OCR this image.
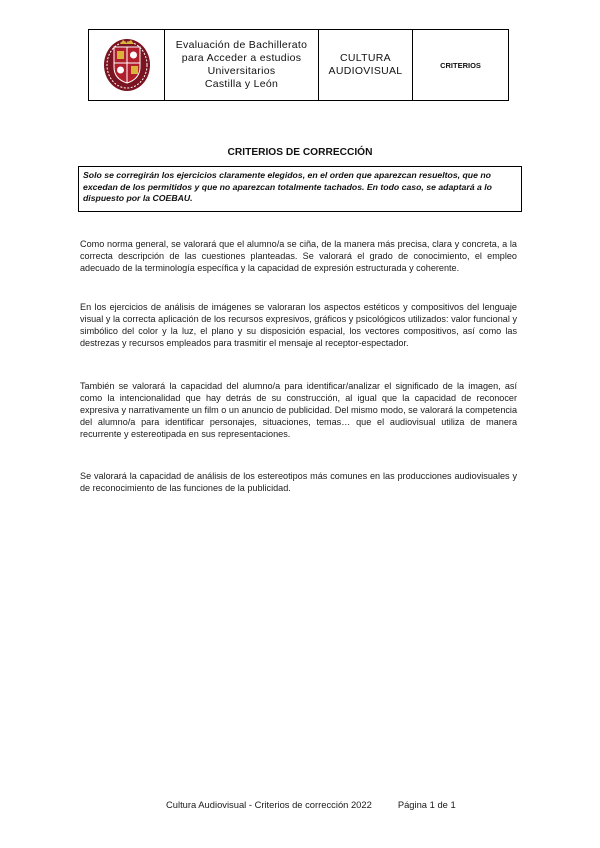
Evaluación de Bachillerato
para Acceder a estudios
Universitarios
Castilla y León

CULTURA
AUDIOVISUAL	CRITERIOS
CRITERIOS DE CORRECCIÓN
Solo se corregirán los ejercicios claramente elegidos, en el orden que aparezcan resueltos, que no excedan de los permitidos y que no aparezcan totalmente tachados. En todo caso, se adaptará a lo dispuesto por la COEBAU.

Como norma general, se valorará que el alumno/a se ciña, de la manera más precisa, clara y concreta, a la correcta descripción de las cuestiones planteadas. Se valorará el grado de conocimiento, el empleo adecuado de la terminología específica y la capacidad de expresión estructurada y coherente.

En los ejercicios de análisis de imágenes se valoraran los aspectos estéticos y compositivos del lenguaje visual y la correcta aplicación de los recursos expresivos, gráficos y psicológicos utilizados: valor funcional y simbólico del color y la luz, el plano y su disposición espacial, los vectores compositivos, así como las destrezas y recursos empleados para trasmitir el mensaje al receptor-espectador.

También se valorará la capacidad del alumno/a para identificar/analizar el significado de la imagen, así como la intencionalidad que hay detrás de su construcción, al igual que la capacidad de reconocer expresiva y narrativamente un film o un anuncio de publicidad. Del mismo modo, se valorará la competencia del alumno/a para identificar personajes, situaciones, temas… que el audiovisual utiliza de manera recurrente y estereotipada en sus representaciones.

Se valorará la capacidad de análisis de los estereotipos más comunes en las producciones audiovisuales y de reconocimiento de las funciones de la publicidad.

Cultura Audiovisual - Criterios de corrección 2022	Página 1 de 1
